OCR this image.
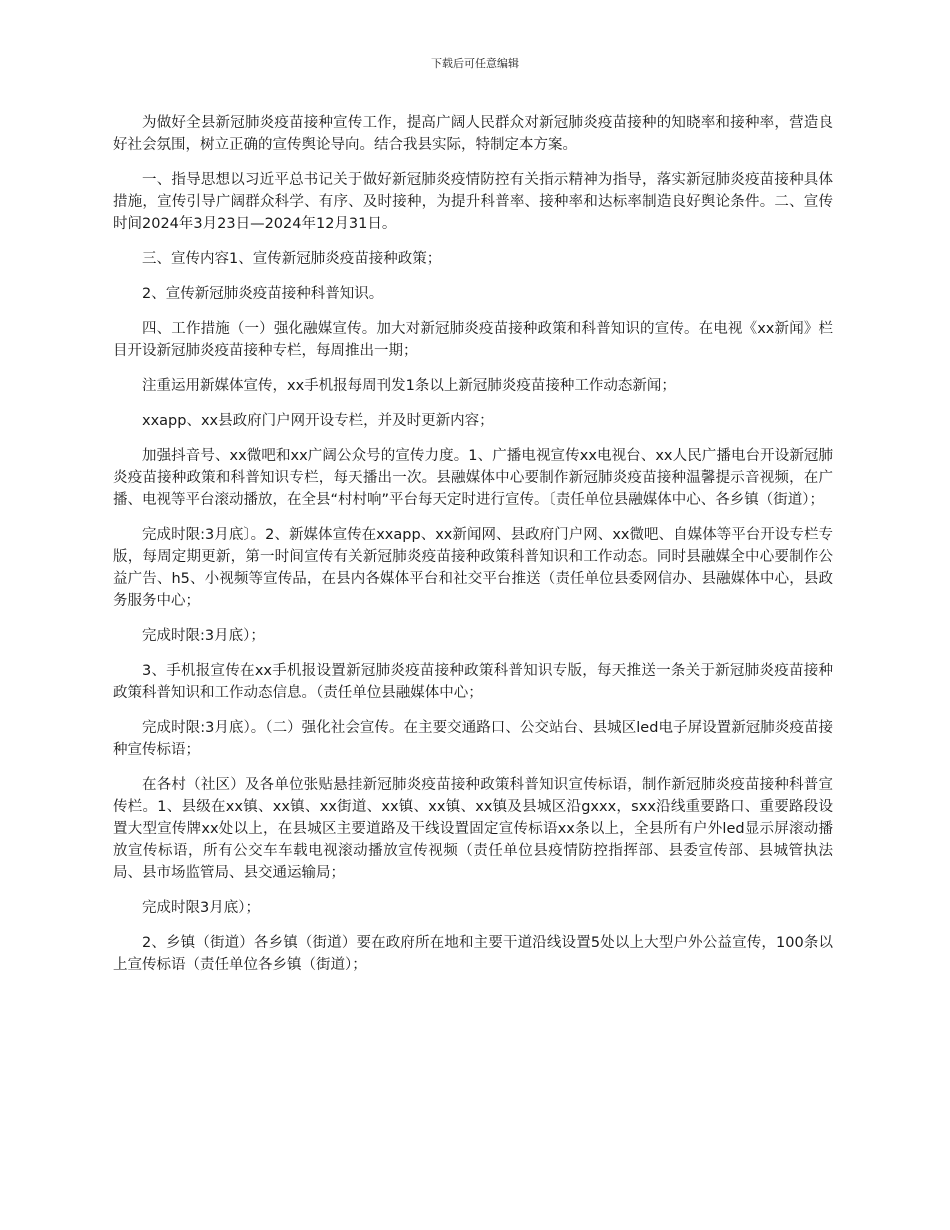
下载后可任意编辑

为做好全县新冠肺炎疫苗接种宣传工作，提高广阔人民群众对新冠肺炎疫苗接种的知晓率和接种率，营造良好社会氛围，树立正确的宣传舆论导向。结合我县实际，特制定本方案。

一、指导思想以习近平总书记关于做好新冠肺炎疫情防控有关指示精神为指导，落实新冠肺炎疫苗接种具体措施，宣传引导广阔群众科学、有序、及时接种，为提升科普率、接种率和达标率制造良好舆论条件。二、宣传时间2024年3月23日—2024年12月31日。

三、宣传内容1、宣传新冠肺炎疫苗接种政策；

2、宣传新冠肺炎疫苗接种科普知识。

四、工作措施（一）强化融媒宣传。加大对新冠肺炎疫苗接种政策和科普知识的宣传。在电视《xx新闻》栏目开设新冠肺炎疫苗接种专栏，每周推出一期；

注重运用新媒体宣传，xx手机报每周刊发1条以上新冠肺炎疫苗接种工作动态新闻；

xxapp、xx县政府门户网开设专栏，并及时更新内容；

加强抖音号、xx微吧和xx广阔公众号的宣传力度。1、广播电视宣传xx电视台、xx人民广播电台开设新冠肺炎疫苗接种政策和科普知识专栏，每天播出一次。县融媒体中心要制作新冠肺炎疫苗接种温馨提示音视频，在广播、电视等平台滚动播放，在全县“村村响”平台每天定时进行宣传。〔责任单位县融媒体中心、各乡镇（街道）；

完成时限:3月底〕。2、新媒体宣传在xxapp、xx新闻网、县政府门户网、xx微吧、自媒体等平台开设专栏专版，每周定期更新，第一时间宣传有关新冠肺炎疫苗接种政策科普知识和工作动态。同时县融媒全中心要制作公益广告、h5、小视频等宣传品，在县内各媒体平台和社交平台推送（责任单位县委网信办、县融媒体中心，县政务服务中心；

完成时限:3月底）；

3、手机报宣传在xx手机报设置新冠肺炎疫苗接种政策科普知识专版，每天推送一条关于新冠肺炎疫苗接种政策科普知识和工作动态信息。（责任单位县融媒体中心；

完成时限:3月底）。（二）强化社会宣传。在主要交通路口、公交站台、县城区led电子屏设置新冠肺炎疫苗接种宣传标语；

在各村（社区）及各单位张贴悬挂新冠肺炎疫苗接种政策科普知识宣传标语，制作新冠肺炎疫苗接种科普宣传栏。1、县级在xx镇、xx镇、xx街道、xx镇、xx镇、xx镇及县城区沿gxxx，sxx沿线重要路口、重要路段设置大型宣传牌xx处以上，在县城区主要道路及干线设置固定宣传标语xx条以上，全县所有户外led显示屏滚动播放宣传标语，所有公交车车载电视滚动播放宣传视频（责任单位县疫情防控指挥部、县委宣传部、县城管执法局、县市场监管局、县交通运输局；

完成时限3月底）；

2、乡镇（街道）各乡镇（街道）要在政府所在地和主要干道沿线设置5处以上大型户外公益宣传，100条以上宣传标语（责任单位各乡镇（街道）；
